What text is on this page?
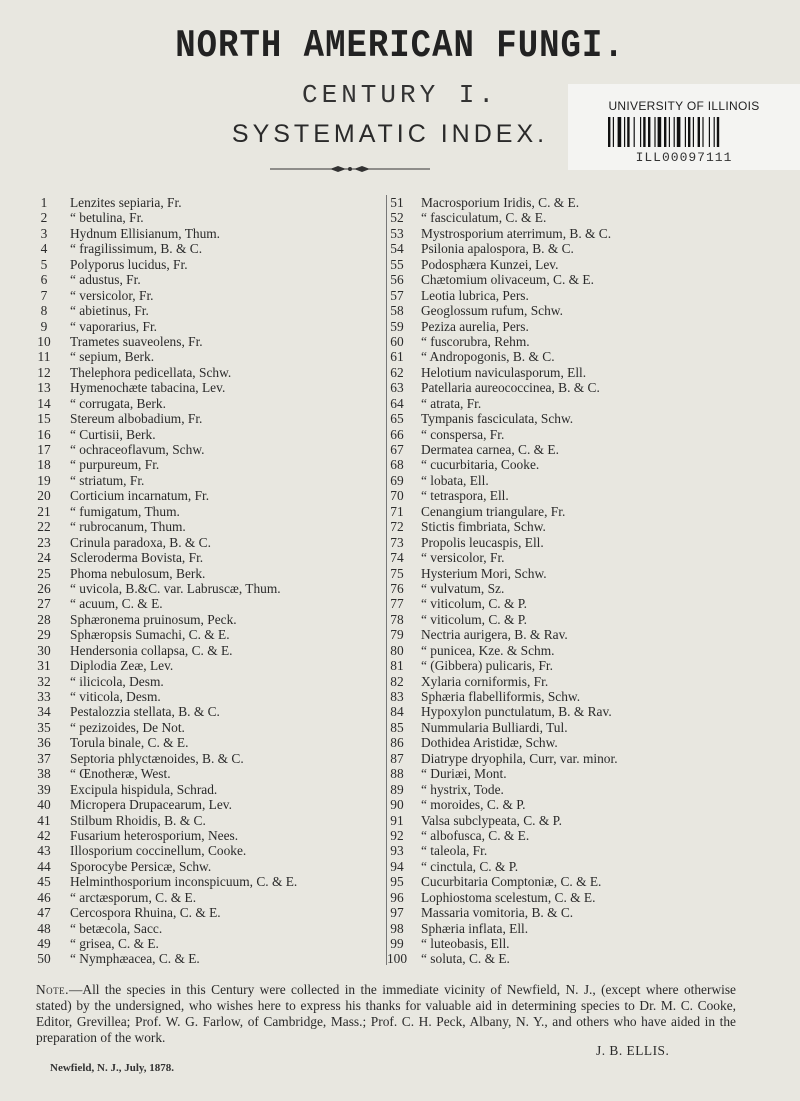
NORTH AMERICAN FUNGI.
CENTURY I.
SYSTEMATIC INDEX.
UNIVERSITY OF ILLINOIS
ILL00097111
1	Lenzites sepiaria, Fr.
2	“ betulina, Fr.
3	Hydnum Ellisianum, Thum.
4	“ fragilissimum, B. & C.
5	Polyporus lucidus, Fr.
6	“ adustus, Fr.
7	“ versicolor, Fr.
8	“ abietinus, Fr.
9	“ vaporarius, Fr.
10	Trametes suaveolens, Fr.
11	“ sepium, Berk.
12	Thelephora pedicellata, Schw.
13	Hymenochæte tabacina, Lev.
14	“ corrugata, Berk.
15	Stereum albobadium, Fr.
16	“ Curtisii, Berk.
17	“ ochraceoflavum, Schw.
18	“ purpureum, Fr.
19	“ striatum, Fr.
20	Corticium incarnatum, Fr.
21	“ fumigatum, Thum.
22	“ rubrocanum, Thum.
23	Crinula paradoxa, B. & C.
24	Scleroderma Bovista, Fr.
25	Phoma nebulosum, Berk.
26	“ uvicola, B.&C. var. Labruscæ, Thum.
27	“ acuum, C. & E.
28	Sphæronema pruinosum, Peck.
29	Sphæropsis Sumachi, C. & E.
30	Hendersonia collapsa, C. & E.
31	Diplodia Zeæ, Lev.
32	“ ilicicola, Desm.
33	“ viticola, Desm.
34	Pestalozzia stellata, B. & C.
35	“ pezizoides, De Not.
36	Torula binale, C. & E.
37	Septoria phlyctænoides, B. & C.
38	“ Œnotheræ, West.
39	Excipula hispidula, Schrad.
40	Micropera Drupacearum, Lev.
41	Stilbum Rhoidis, B. & C.
42	Fusarium heterosporium, Nees.
43	Illosporium coccinellum, Cooke.
44	Sporocybe Persicæ, Schw.
45	Helminthosporium inconspicuum, C. & E.
46	“ arctæsporum, C. & E.
47	Cercospora Rhuina, C. & E.
48	“ betæcola, Sacc.
49	“ grisea, C. & E.
50	“ Nymphæacea, C. & E.
51	Macrosporium Iridis, C. & E.
52	“ fasciculatum, C. & E.
53	Mystrosporium aterrimum, B. & C.
54	Psilonia apalospora, B. & C.
55	Podosphæra Kunzei, Lev.
56	Chætomium olivaceum, C. & E.
57	Leotia lubrica, Pers.
58	Geoglossum rufum, Schw.
59	Peziza aurelia, Pers.
60	“ fuscorubra, Rehm.
61	“ Andropogonis, B. & C.
62	Helotium naviculasporum, Ell.
63	Patellaria aureococcinea, B. & C.
64	“ atrata, Fr.
65	Tympanis fasciculata, Schw.
66	“ conspersa, Fr.
67	Dermatea carnea, C. & E.
68	“ cucurbitaria, Cooke.
69	“ lobata, Ell.
70	“ tetraspora, Ell.
71	Cenangium triangulare, Fr.
72	Stictis fimbriata, Schw.
73	Propolis leucaspis, Ell.
74	“ versicolor, Fr.
75	Hysterium Mori, Schw.
76	“ vulvatum, Sz.
77	“ viticolum, C. & P.
78	“ viticolum, C. & P.
79	Nectria aurigera, B. & Rav.
80	“ punicea, Kze. & Schm.
81	“ (Gibbera) pulicaris, Fr.
82	Xylaria corniformis, Fr.
83	Sphæria flabelliformis, Schw.
84	Hypoxylon punctulatum, B. & Rav.
85	Nummularia Bulliardi, Tul.
86	Dothidea Aristidæ, Schw.
87	Diatrype dryophila, Curr, var. minor.
88	“ Duriæi, Mont.
89	“ hystrix, Tode.
90	“ moroides, C. & P.
91	Valsa subclypeata, C. & P.
92	“ albofusca, C. & E.
93	“ taleola, Fr.
94	“ cinctula, C. & P.
95	Cucurbitaria Comptoniæ, C. & E.
96	Lophiostoma scelestum, C. & E.
97	Massaria vomitoria, B. & C.
98	Sphæria inflata, Ell.
99	“ luteobasis, Ell.
100	“ soluta, C. & E.
Note.—All the species in this Century were collected in the immediate vicinity of Newfield, N. J., (except where otherwise stated) by the undersigned, who wishes here to express his thanks for valuable aid in determining species to Dr. M. C. Cooke, Editor, Grevillea; Prof. W. G. Farlow, of Cambridge, Mass.; Prof. C. H. Peck, Albany, N. Y., and others who have aided in the preparation of the work.
J. B. ELLIS.
Newfield, N. J., July, 1878.
